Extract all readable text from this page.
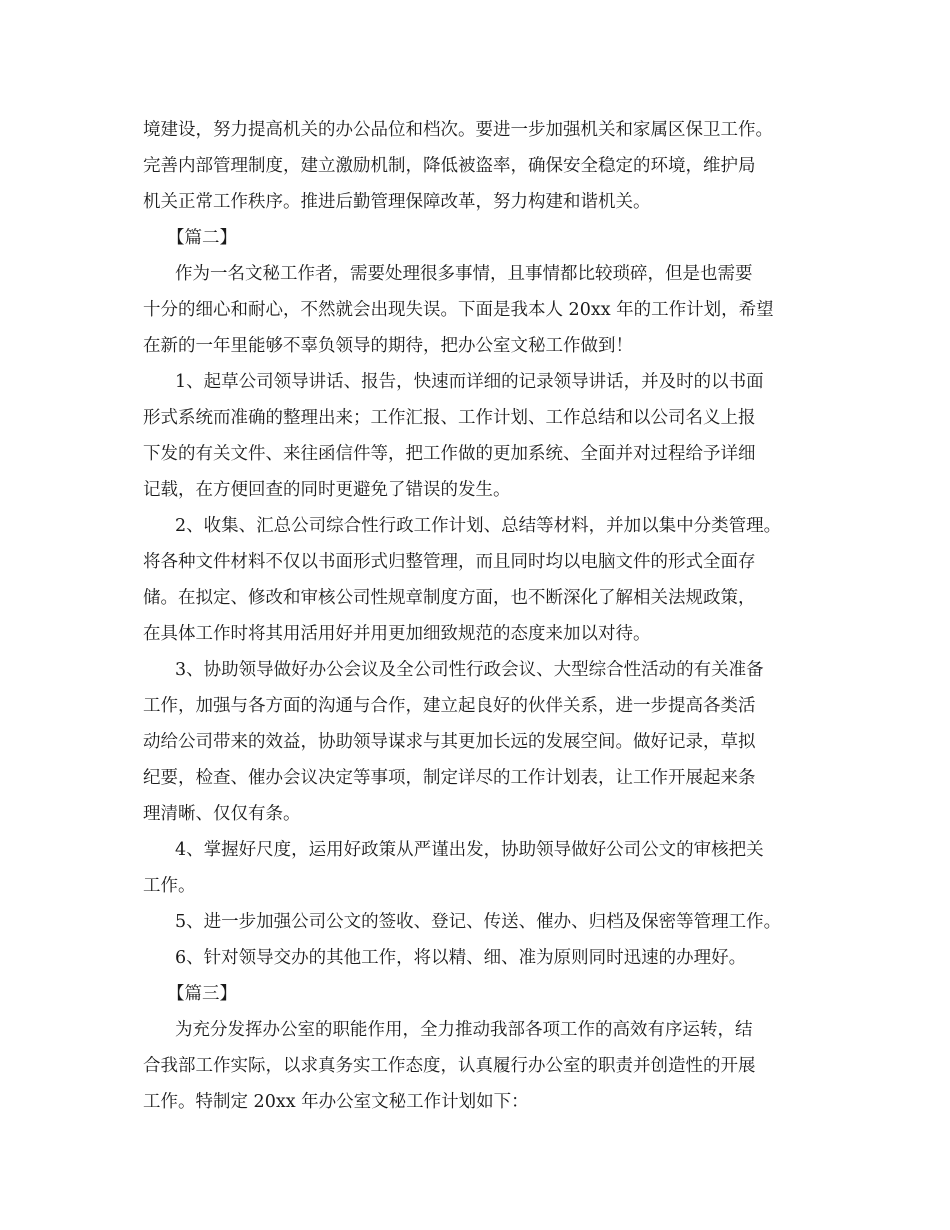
境建设，努力提高机关的办公品位和档次。要进一步加强机关和家属区保卫工作。
完善内部管理制度，建立激励机制，降低被盗率，确保安全稳定的环境，维护局
机关正常工作秩序。推进后勤管理保障改革，努力构建和谐机关。
【篇二】
作为一名文秘工作者，需要处理很多事情，且事情都比较琐碎，但是也需要
十分的细心和耐心，不然就会出现失误。下面是我本人 20xx 年的工作计划，希望
在新的一年里能够不辜负领导的期待，把办公室文秘工作做到！
1、起草公司领导讲话、报告，快速而详细的记录领导讲话，并及时的以书面
形式系统而准确的整理出来；工作汇报、工作计划、工作总结和以公司名义上报
下发的有关文件、来往函信件等，把工作做的更加系统、全面并对过程给予详细
记载，在方便回查的同时更避免了错误的发生。
2、收集、汇总公司综合性行政工作计划、总结等材料，并加以集中分类管理。
将各种文件材料不仅以书面形式归整管理，而且同时均以电脑文件的形式全面存
储。在拟定、修改和审核公司性规章制度方面，也不断深化了解相关法规政策，
在具体工作时将其用活用好并用更加细致规范的态度来加以对待。
3、协助领导做好办公会议及全公司性行政会议、大型综合性活动的有关准备
工作，加强与各方面的沟通与合作，建立起良好的伙伴关系，进一步提高各类活
动给公司带来的效益，协助领导谋求与其更加长远的发展空间。做好记录，草拟
纪要，检查、催办会议决定等事项，制定详尽的工作计划表，让工作开展起来条
理清晰、仅仅有条。
4、掌握好尺度，运用好政策从严谨出发，协助领导做好公司公文的审核把关
工作。
5、进一步加强公司公文的签收、登记、传送、催办、归档及保密等管理工作。
6、针对领导交办的其他工作，将以精、细、准为原则同时迅速的办理好。
【篇三】
为充分发挥办公室的职能作用，全力推动我部各项工作的高效有序运转，结
合我部工作实际，以求真务实工作态度，认真履行办公室的职责并创造性的开展
工作。特制定 20xx 年办公室文秘工作计划如下：
